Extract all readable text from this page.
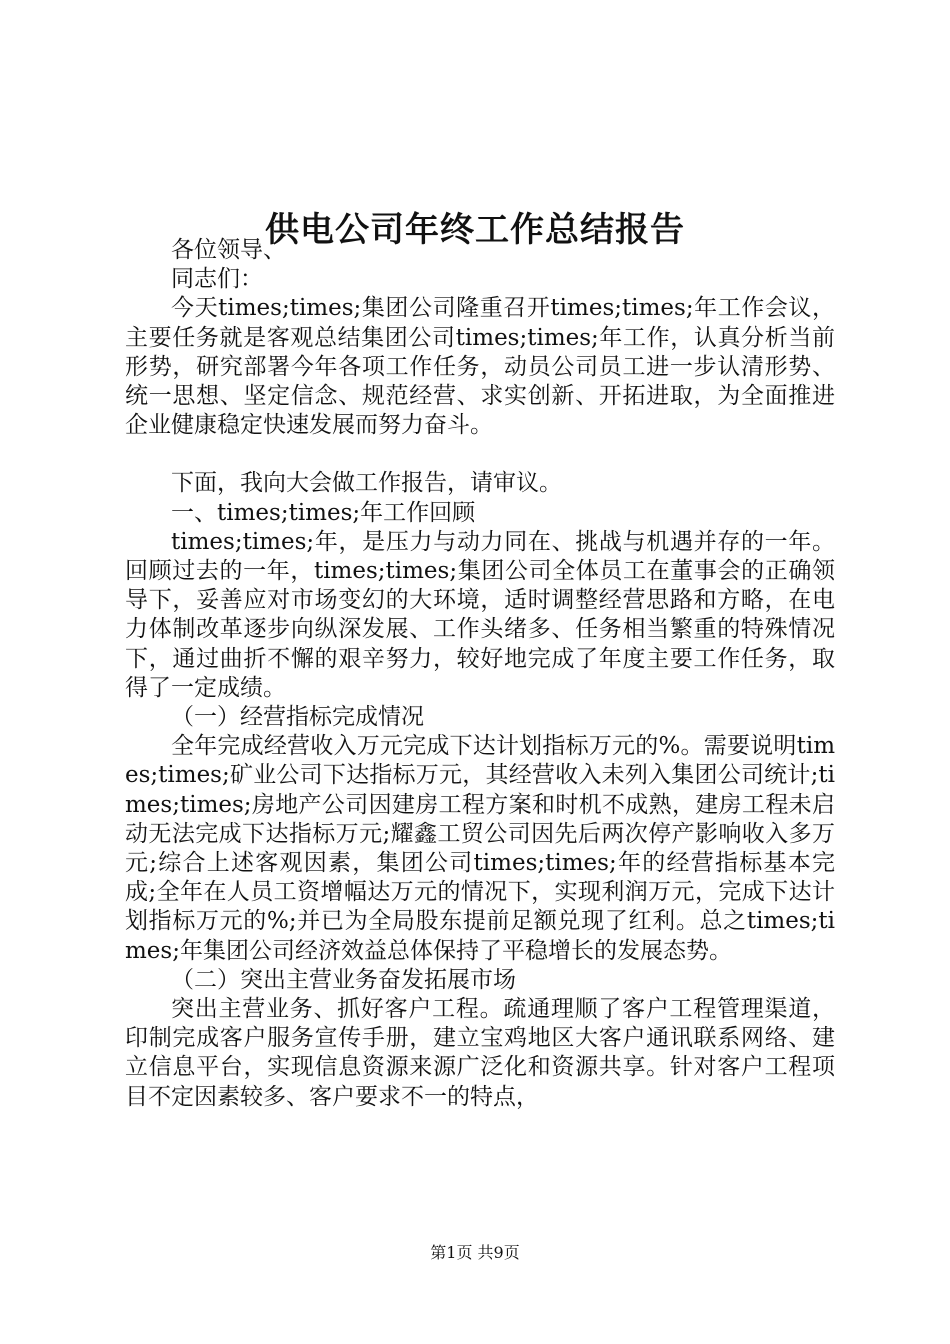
供电公司年终工作总结报告

各位领导、

同志们：

今天times;times;集团公司隆重召开times;times;年工作会议，主要任务就是客观总结集团公司times;times;年工作，认真分析当前形势，研究部署今年各项工作任务，动员公司员工进一步认清形势、统一思想、坚定信念、规范经营、求实创新、开拓进取，为全面推进企业健康稳定快速发展而努力奋斗。

下面，我向大会做工作报告，请审议。

一、times;times;年工作回顾

times;times;年，是压力与动力同在、挑战与机遇并存的一年。回顾过去的一年，times;times;集团公司全体员工在董事会的正确领导下，妥善应对市场变幻的大环境，适时调整经营思路和方略，在电力体制改革逐步向纵深发展、工作头绪多、任务相当繁重的特殊情况下，通过曲折不懈的艰辛努力，较好地完成了年度主要工作任务，取得了一定成绩。

（一）经营指标完成情况

全年完成经营收入万元完成下达计划指标万元的%。需要说明times;times;矿业公司下达指标万元，其经营收入未列入集团公司统计;times;times;房地产公司因建房工程方案和时机不成熟，建房工程未启动无法完成下达指标万元;耀鑫工贸公司因先后两次停产影响收入多万元;综合上述客观因素，集团公司times;times;年的经营指标基本完成;全年在人员工资增幅达万元的情况下，实现利润万元，完成下达计划指标万元的%;并已为全局股东提前足额兑现了红利。总之times;times;年集团公司经济效益总体保持了平稳增长的发展态势。

（二）突出主营业务奋发拓展市场

突出主营业务、抓好客户工程。疏通理顺了客户工程管理渠道，印制完成客户服务宣传手册，建立宝鸡地区大客户通讯联系网络、建立信息平台，实现信息资源来源广泛化和资源共享。针对客户工程项目不定因素较多、客户要求不一的特点，

第1页 共9页
